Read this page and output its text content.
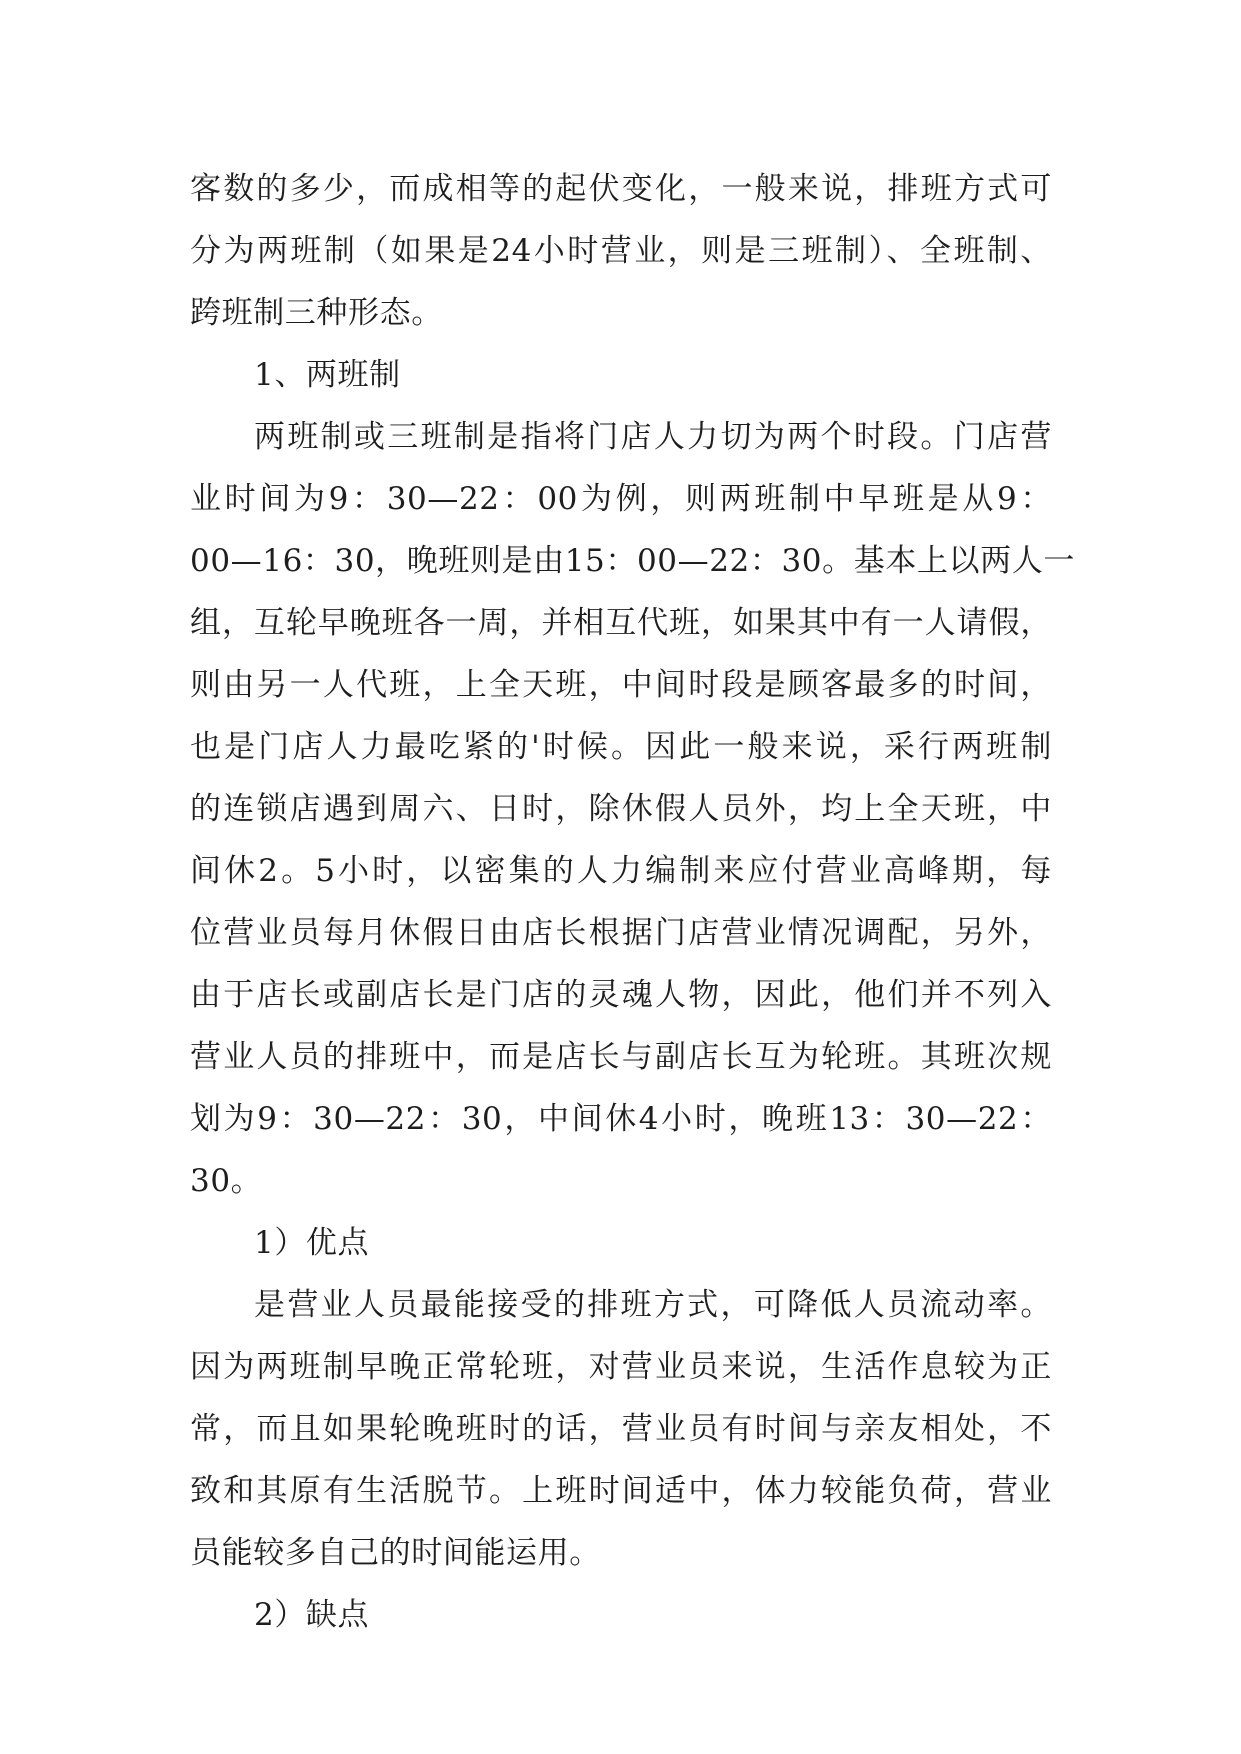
客数的多少，而成相等的起伏变化，一般来说，排班方式可
分为两班制（如果是24小时营业，则是三班制）、全班制、
跨班制三种形态。
1、两班制
两班制或三班制是指将门店人力切为两个时段。门店营
业时间为9：30—22：00为例，则两班制中早班是从9：
00—16：30，晚班则是由15：00—22：30。基本上以两人一
组，互轮早晚班各一周，并相互代班，如果其中有一人请假，
则由另一人代班，上全天班，中间时段是顾客最多的时间，
也是门店人力最吃紧的'时候。因此一般来说，采行两班制
的连锁店遇到周六、日时，除休假人员外，均上全天班，中
间休2。5小时，以密集的人力编制来应付营业高峰期，每
位营业员每月休假日由店长根据门店营业情况调配，另外，
由于店长或副店长是门店的灵魂人物，因此，他们并不列入
营业人员的排班中，而是店长与副店长互为轮班。其班次规
划为9：30—22：30，中间休4小时，晚班13：30—22：
30。
1）优点
是营业人员最能接受的排班方式，可降低人员流动率。
因为两班制早晚正常轮班，对营业员来说，生活作息较为正
常，而且如果轮晚班时的话，营业员有时间与亲友相处，不
致和其原有生活脱节。上班时间适中，体力较能负荷，营业
员能较多自己的时间能运用。
2）缺点
